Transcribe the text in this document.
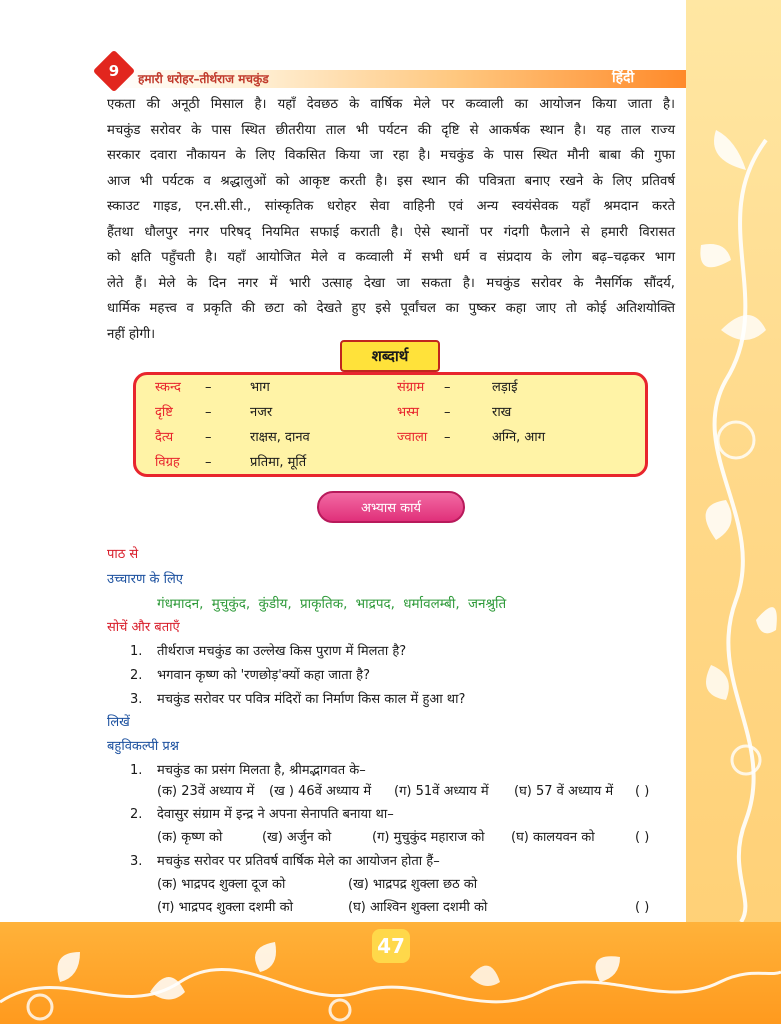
9	हमारी धरोहर–तीर्थराज मचकुंड	हिंदी
एकता की अनूठी मिसाल है। यहाँ देवछठ के वार्षिक मेले पर कव्वाली का आयोजन किया जाता है।
मचकुंड सरोवर के पास स्थित छीतरीया ताल भी पर्यटन की दृष्टि से आकर्षक स्थान है। यह ताल राज्य
सरकार दवारा नौकायन के लिए विकसित किया जा रहा है। मचकुंड के पास स्थित मौनी बाबा की गुफा
आज भी पर्यटक व श्रद्धालुओं को आकृष्ट करती है। इस स्थान की पवित्रता बनाए रखने के लिए प्रतिवर्ष
स्काउट गाइड, एन.सी.सी., सांस्कृतिक धरोहर सेवा वाहिनी एवं अन्य स्वयंसेवक यहाँ श्रमदान करते
हैंतथा धौलपुर नगर परिषद् नियमित सफाई कराती है। ऐसे स्थानों पर गंदगी फैलाने से हमारी विरासत
को क्षति पहुँचती है। यहाँ आयोजित मेले व कव्वाली में सभी धर्म व संप्रदाय के लोग बढ़–चढ़कर भाग
लेते हैं। मेले के दिन नगर में भारी उत्साह देखा जा सकता है। मचकुंड सरोवर के नैसर्गिक सौंदर्य,
धार्मिक महत्त्व व प्रकृति की छटा को देखते हुए इसे पूर्वांचल का पुष्कर कहा जाए तो कोई अतिशयोक्ति
नहीं होगी।
शब्दार्थ
स्कन्द –	भाग
दृष्टि –	नजर
दैत्य –	राक्षस, दानव
विग्रह –	प्रतिमा, मूर्ति
संग्राम –	लड़ाई
भस्म –	राख
ज्वाला –	अग्नि, आग
अभ्यास कार्य
पाठ से
उच्चारण के लिए
गंधमादन, मुचुकुंद, कुंडीय, प्राकृतिक, भाद्रपद, धर्मावलम्बी, जनश्रुति
सोचें और बताएँ
1. तीर्थराज मचकुंड का उल्लेख किस पुराण में मिलता है?
2. भगवान कृष्ण को 'रणछोड़'क्यों कहा जाता है?
3. मचकुंड सरोवर पर पवित्र मंदिरों का निर्माण किस काल में हुआ था?
लिखें
बहुविकल्पी प्रश्न
1. मचकुंड का प्रसंग मिलता है, श्रीमद्भागवत के–
(क) 23वें अध्याय में (ख ) 46वें अध्याय में (ग) 51वें अध्याय में (घ) 57 वें अध्याय में ( )
2. देवासुर संग्राम में इन्द्र ने अपना सेनापति बनाया था–
(क) कृष्ण को	(ख) अर्जुन को	(ग) मुचुकुंद महाराज को (घ) कालयवन को	( )
3. मचकुंड सरोवर पर प्रतिवर्ष वार्षिक मेले का आयोजन होता हैं–
(क) भाद्रपद शुक्ला दूज को	(ख) भाद्रपद्र शुक्ला छठ को
(ग) भाद्रपद शुक्ला दशमी को	(घ) आश्विन शुक्ला दशमी को	( )
47
